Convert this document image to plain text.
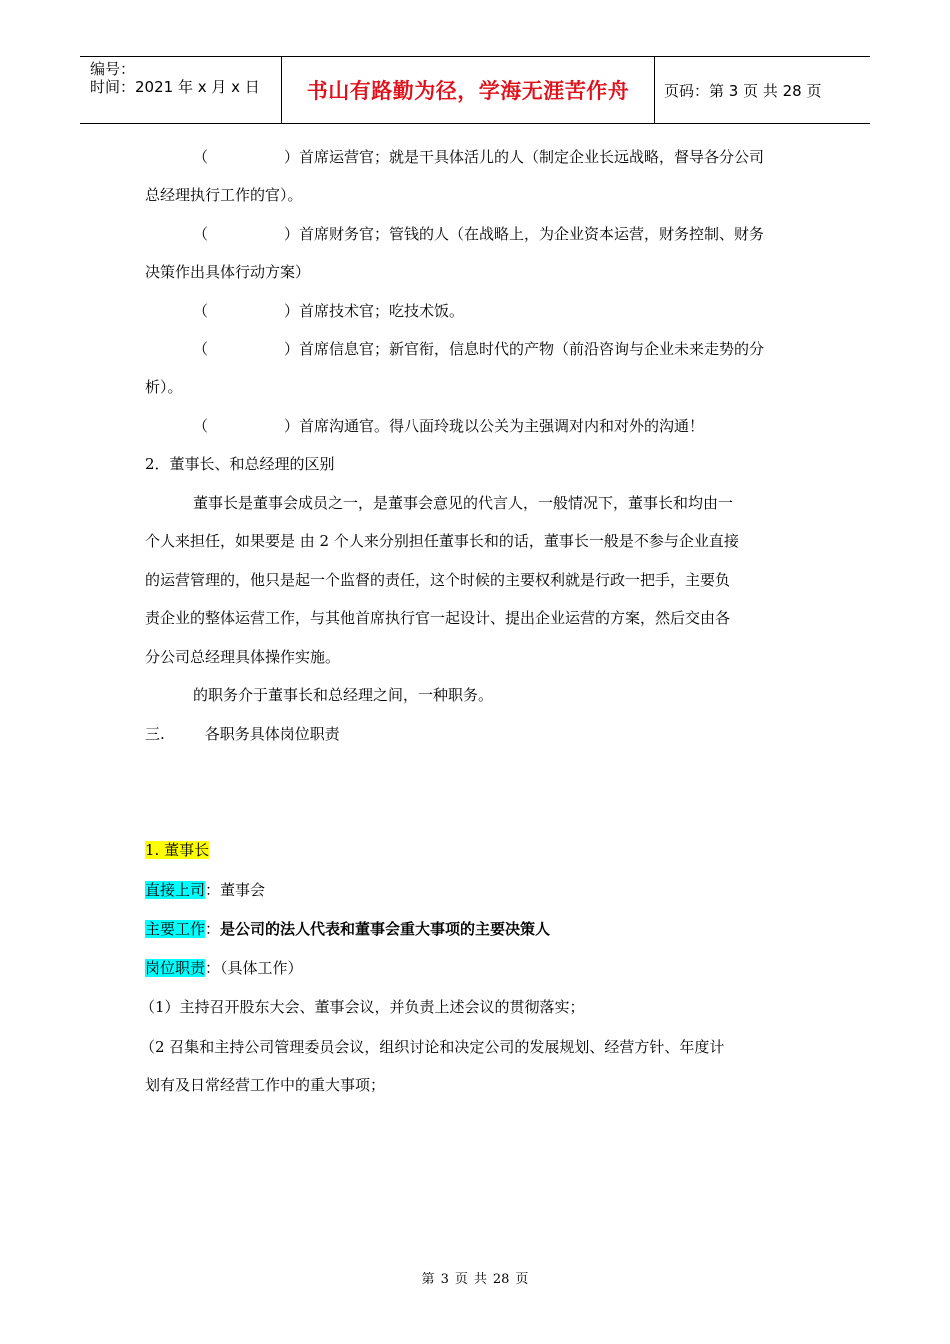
编号：
时间：2021 年 x 月 x 日	书山有路勤为径，学海无涯苦作舟	页码：第 3 页 共 28 页
（	）首席运营官；就是干具体活儿的人（制定企业长远战略，督导各分公司
总经理执行工作的官）。
（	）首席财务官；管钱的人（在战略上，为企业资本运营，财务控制、财务
决策作出具体行动方案）
（	）首席技术官；吃技术饭。
（	）首席信息官；新官衔，信息时代的产物（前沿咨询与企业未来走势的分
析）。
（	）首席沟通官。得八面玲珑以公关为主强调对内和对外的沟通！
2．董事长、和总经理的区别
董事长是董事会成员之一，是董事会意见的代言人，一般情况下，董事长和均由一
个人来担任，如果要是 由 2 个人来分别担任董事长和的话，董事长一般是不参与企业直接
的运营管理的，他只是起一个监督的责任，这个时候的主要权利就是行政一把手，主要负
责企业的整体运营工作，与其他首席执行官一起设计、提出企业运营的方案，然后交由各
分公司总经理具体操作实施。
的职务介于董事长和总经理之间，一种职务。
三.	各职务具体岗位职责
1. 董事长
直接上司：董事会
主要工作：是公司的法人代表和董事会重大事项的主要决策人
岗位职责：（具体工作）
（1）主持召开股东大会、董事会议，并负责上述会议的贯彻落实；
（2 召集和主持公司管理委员会议，组织讨论和决定公司的发展规划、经营方针、年度计
划有及日常经营工作中的重大事项；
第 3 页 共 28 页
